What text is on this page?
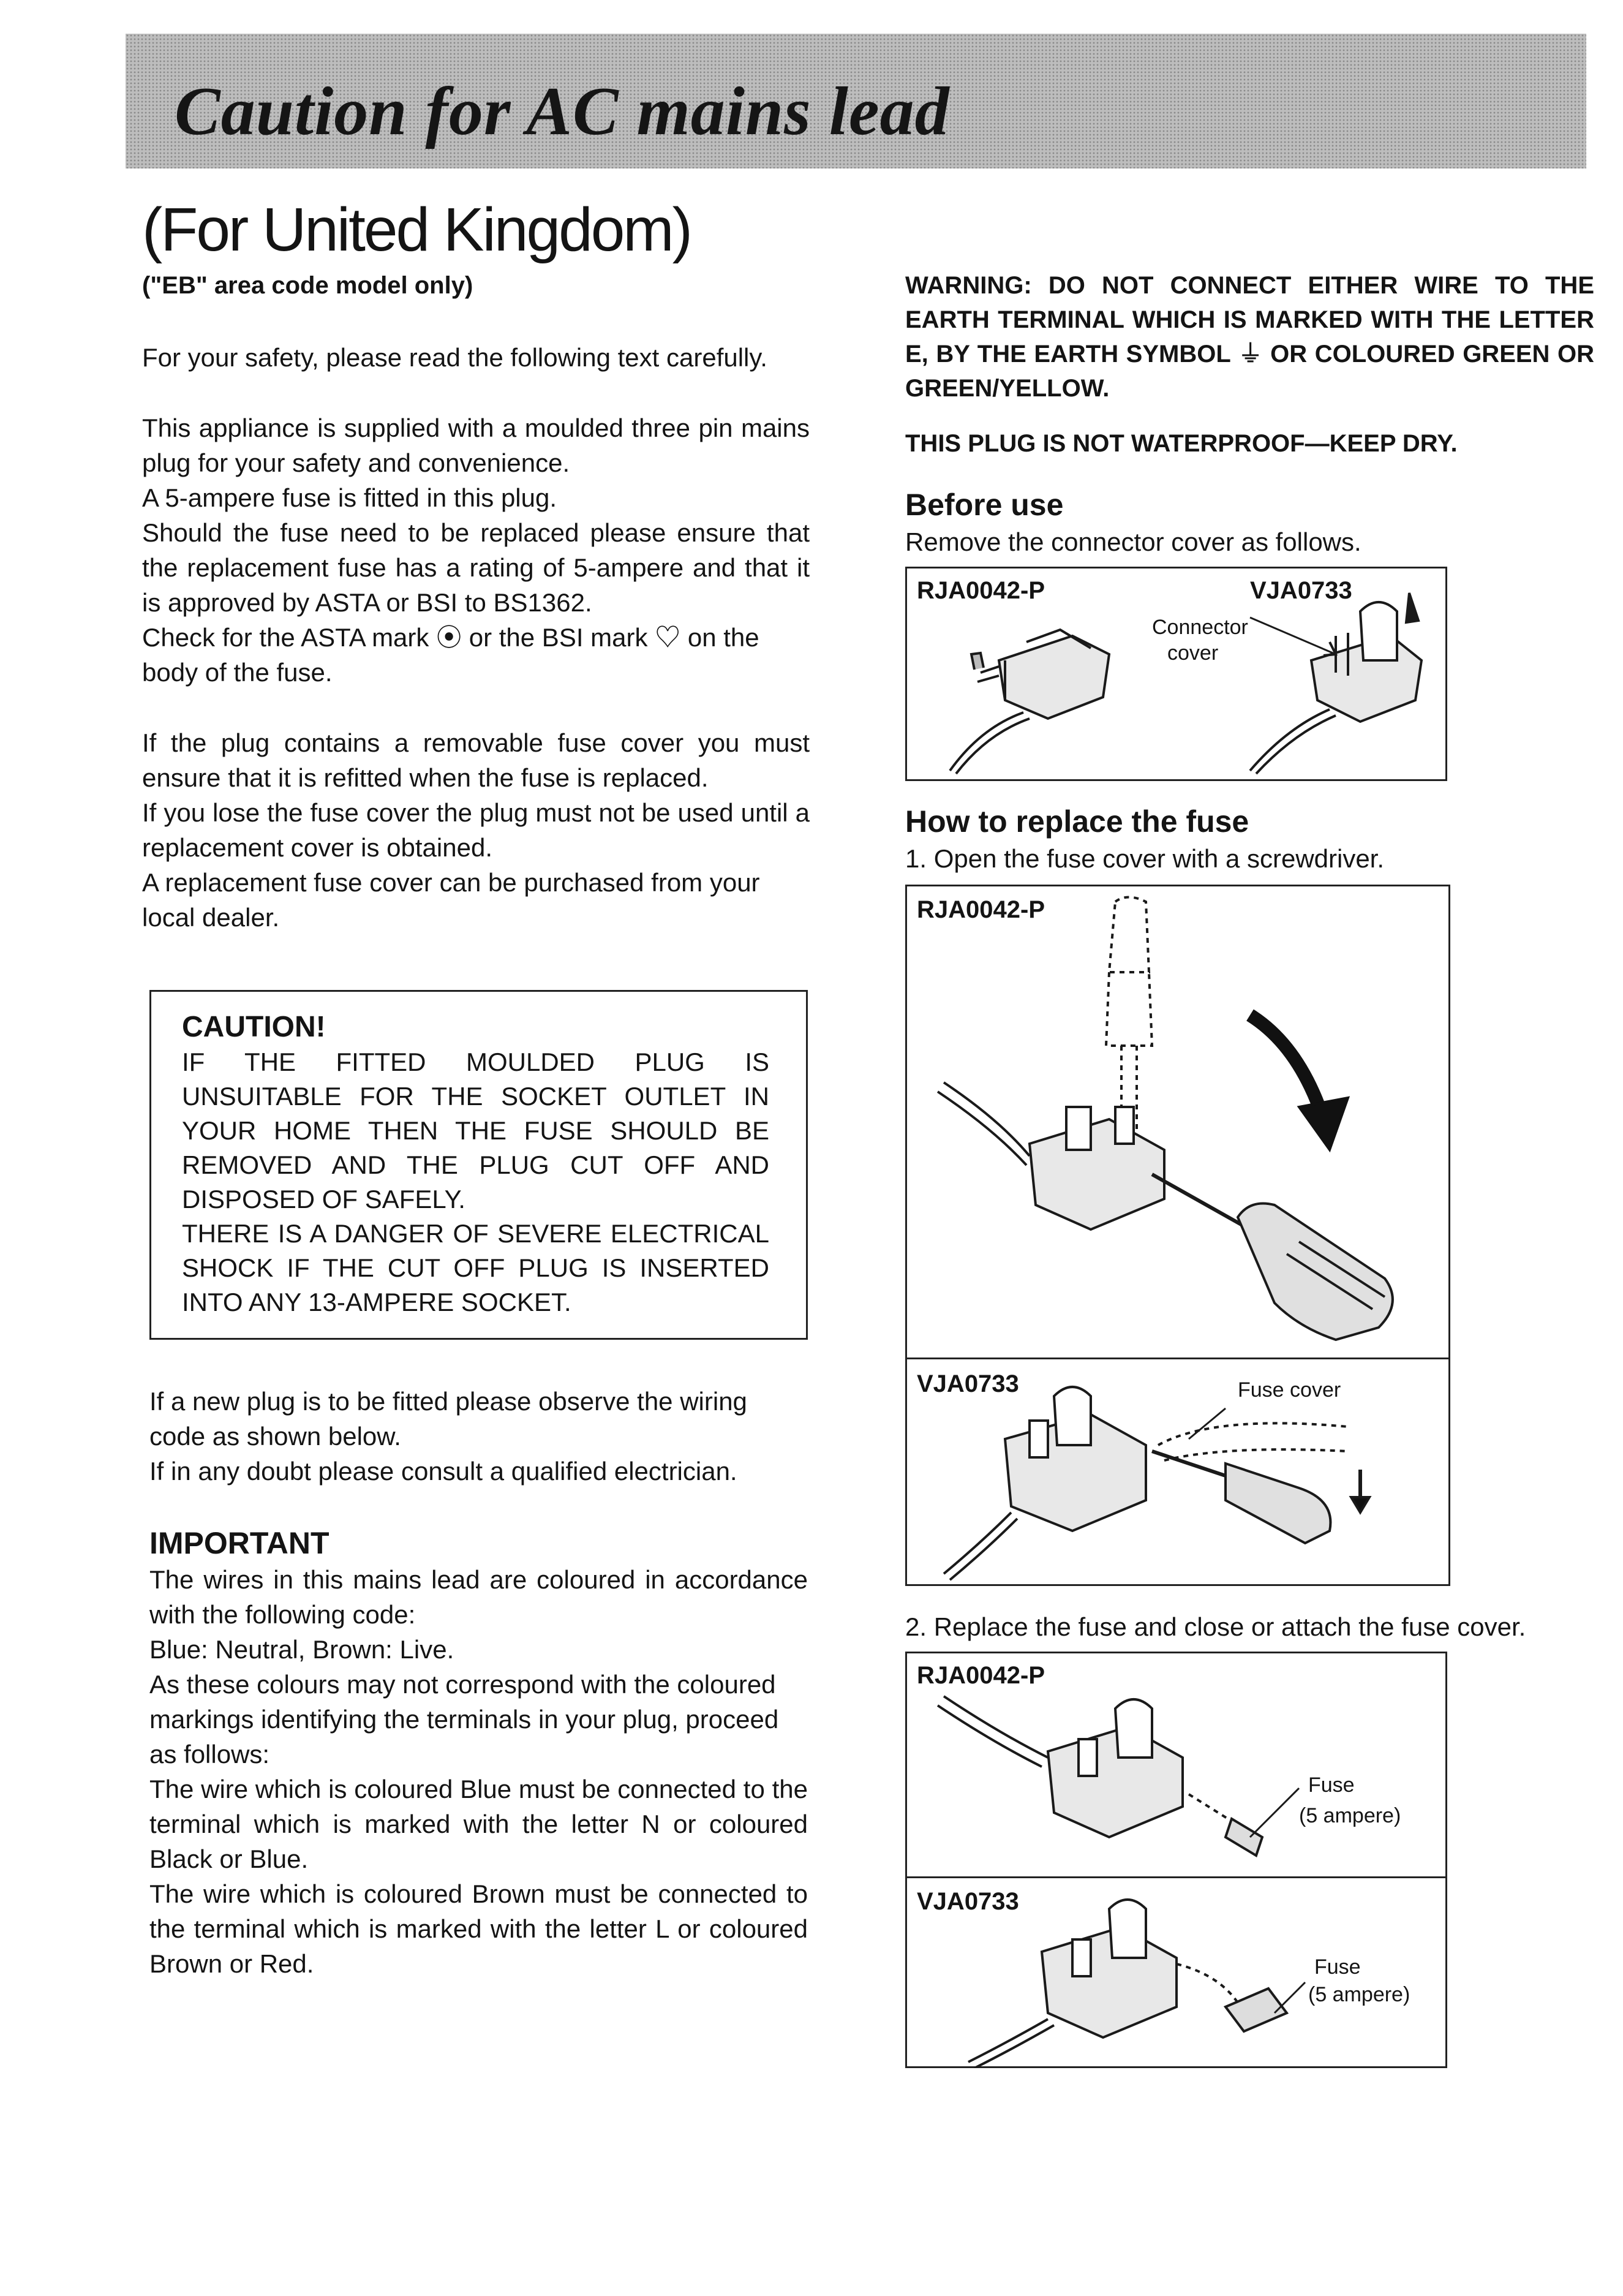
Caution for AC mains lead
(For United Kingdom)

("EB" area code model only)

For your safety, please read the following text carefully.

This appliance is supplied with a moulded three pin mains plug for your safety and convenience.

A 5-ampere fuse is fitted in this plug.

Should the fuse need to be replaced please ensure that the replacement fuse has a rating of 5-ampere and that it is approved by ASTA or BSI to BS1362.

Check for the ASTA mark ⦿ or the BSI mark ♡ on the body of the fuse.

If the plug contains a removable fuse cover you must ensure that it is refitted when the fuse is replaced.

If you lose the fuse cover the plug must not be used until a replacement cover is obtained.

A replacement fuse cover can be purchased from your local dealer.

CAUTION!

IF THE FITTED MOULDED PLUG IS UNSUITABLE FOR THE SOCKET OUTLET IN YOUR HOME THEN THE FUSE SHOULD BE REMOVED AND THE PLUG CUT OFF AND DISPOSED OF SAFELY.

THERE IS A DANGER OF SEVERE ELECTRICAL SHOCK IF THE CUT OFF PLUG IS INSERTED INTO ANY 13-AMPERE SOCKET.

If a new plug is to be fitted please observe the wiring code as shown below.

If in any doubt please consult a qualified electrician.

IMPORTANT

The wires in this mains lead are coloured in accordance with the following code:

Blue: Neutral, Brown: Live.

As these colours may not correspond with the coloured markings identifying the terminals in your plug, proceed as follows:

The wire which is coloured Blue must be connected to the terminal which is marked with the letter N or coloured Black or Blue.

The wire which is coloured Brown must be connected to the terminal which is marked with the letter L or coloured Brown or Red.

WARNING: DO NOT CONNECT EITHER WIRE TO THE EARTH TERMINAL WHICH IS MARKED WITH THE LETTER E, BY THE EARTH SYMBOL ⏚ OR COLOURED GREEN OR GREEN/YELLOW.

THIS PLUG IS NOT WATERPROOF—KEEP DRY.

Before use

Remove the connector cover as follows.

RJA0042-P	VJA0733
Connector
cover
How to replace the fuse

1. Open the fuse cover with a screwdriver.

RJA0042-P
VJA0733	Fuse cover

2. Replace the fuse and close or attach the fuse cover.

RJA0042-P
Fuse
(5 ampere)
VJA0733
Fuse
(5 ampere)
